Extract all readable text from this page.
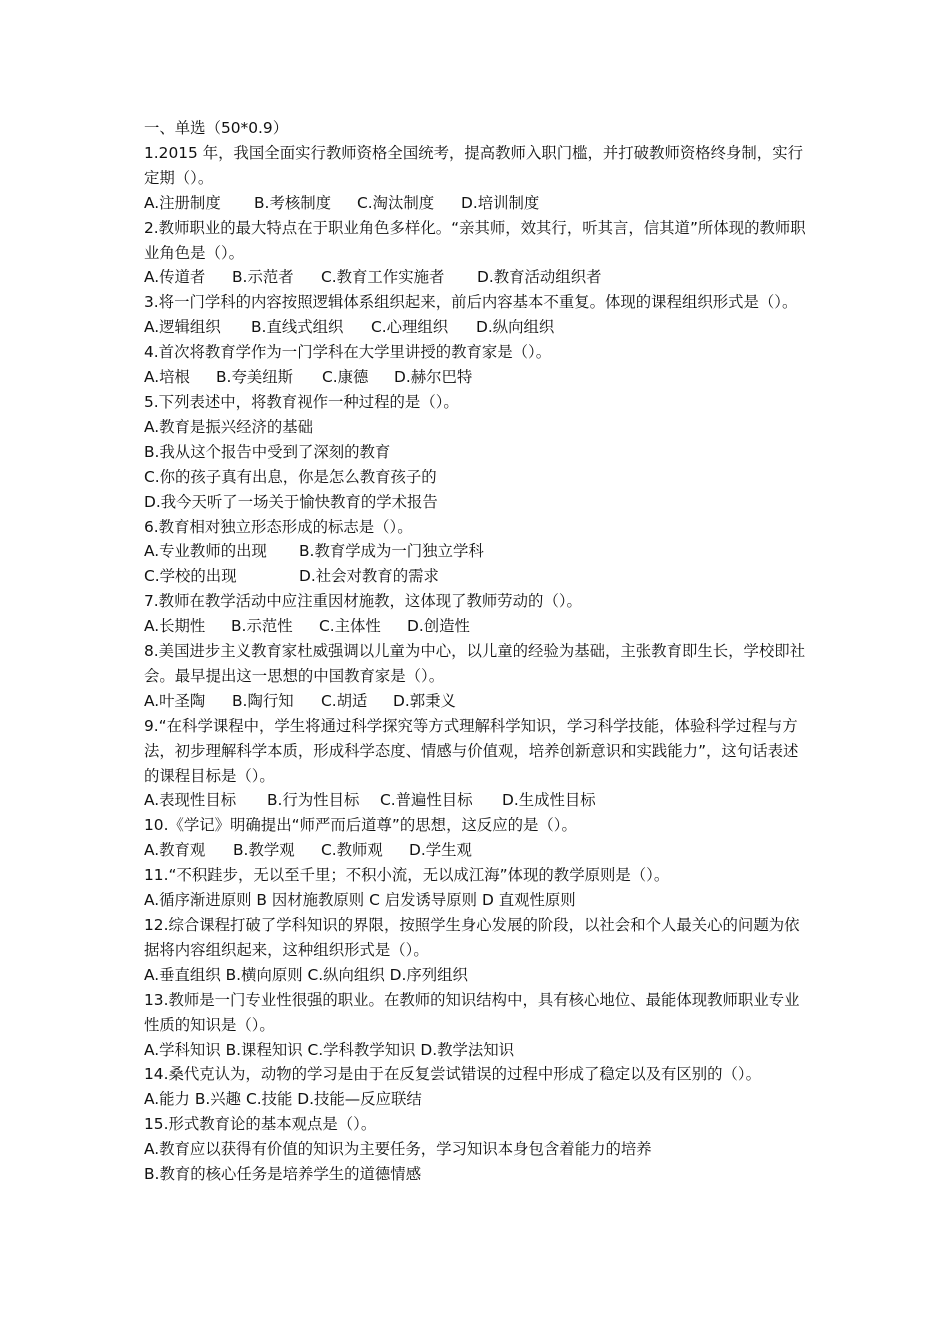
一、单选（50*0.9）
1.2015 年，我国全面实行教师资格全国统考，提高教师入职门槛，并打破教师资格终身制，实行定期（）。
A.注册制度 B.考核制度 C.淘汰制度 D.培训制度
2.教师职业的最大特点在于职业角色多样化。“亲其师，效其行，听其言，信其道”所体现的教师职业角色是（）。
A.传道者 B.示范者 C.教育工作实施者 D.教育活动组织者
3.将一门学科的内容按照逻辑体系组织起来，前后内容基本不重复。体现的课程组织形式是（）。
A.逻辑组织 B.直线式组织 C.心理组织 D.纵向组织
4.首次将教育学作为一门学科在大学里讲授的教育家是（）。
A.培根 B.夸美纽斯 C.康德 D.赫尔巴特
5.下列表述中，将教育视作一种过程的是（）。
A.教育是振兴经济的基础
B.我从这个报告中受到了深刻的教育
C.你的孩子真有出息，你是怎么教育孩子的
D.我今天听了一场关于愉快教育的学术报告
6.教育相对独立形态形成的标志是（）。
A.专业教师的出现 B.教育学成为一门独立学科
C.学校的出现	D.社会对教育的需求
7.教师在教学活动中应注重因材施教，这体现了教师劳动的（）。
A.长期性 B.示范性 C.主体性 D.创造性
8.美国进步主义教育家杜威强调以儿童为中心，以儿童的经验为基础，主张教育即生长，学校即社会。最早提出这一思想的中国教育家是（）。
A.叶圣陶 B.陶行知 C.胡适 D.郭秉义
9.“在科学课程中，学生将通过科学探究等方式理解科学知识，学习科学技能，体验科学过程与方法，初步理解科学本质，形成科学态度、情感与价值观，培养创新意识和实践能力”，这句话表述的课程目标是（）。
A.表现性目标 B.行为性目标 C.普遍性目标 D.生成性目标
10.《学记》明确提出“师严而后道尊”的思想，这反应的是（）。
A.教育观 B.教学观 C.教师观 D.学生观
11.“不积跬步，无以至千里；不积小流，无以成江海”体现的教学原则是（）。
A.循序渐进原则 B 因材施教原则 C 启发诱导原则 D 直观性原则
12.综合课程打破了学科知识的界限，按照学生身心发展的阶段，以社会和个人最关心的问题为依据将内容组织起来，这种组织形式是（）。
A.垂直组织 B.横向原则 C.纵向组织 D.序列组织
13.教师是一门专业性很强的职业。在教师的知识结构中，具有核心地位、最能体现教师职业专业性质的知识是（）。
A.学科知识 B.课程知识 C.学科教学知识 D.教学法知识
14.桑代克认为，动物的学习是由于在反复尝试错误的过程中形成了稳定以及有区别的（）。
A.能力 B.兴趣 C.技能 D.技能—反应联结
15.形式教育论的基本观点是（）。
A.教育应以获得有价值的知识为主要任务，学习知识本身包含着能力的培养
B.教育的核心任务是培养学生的道德情感
